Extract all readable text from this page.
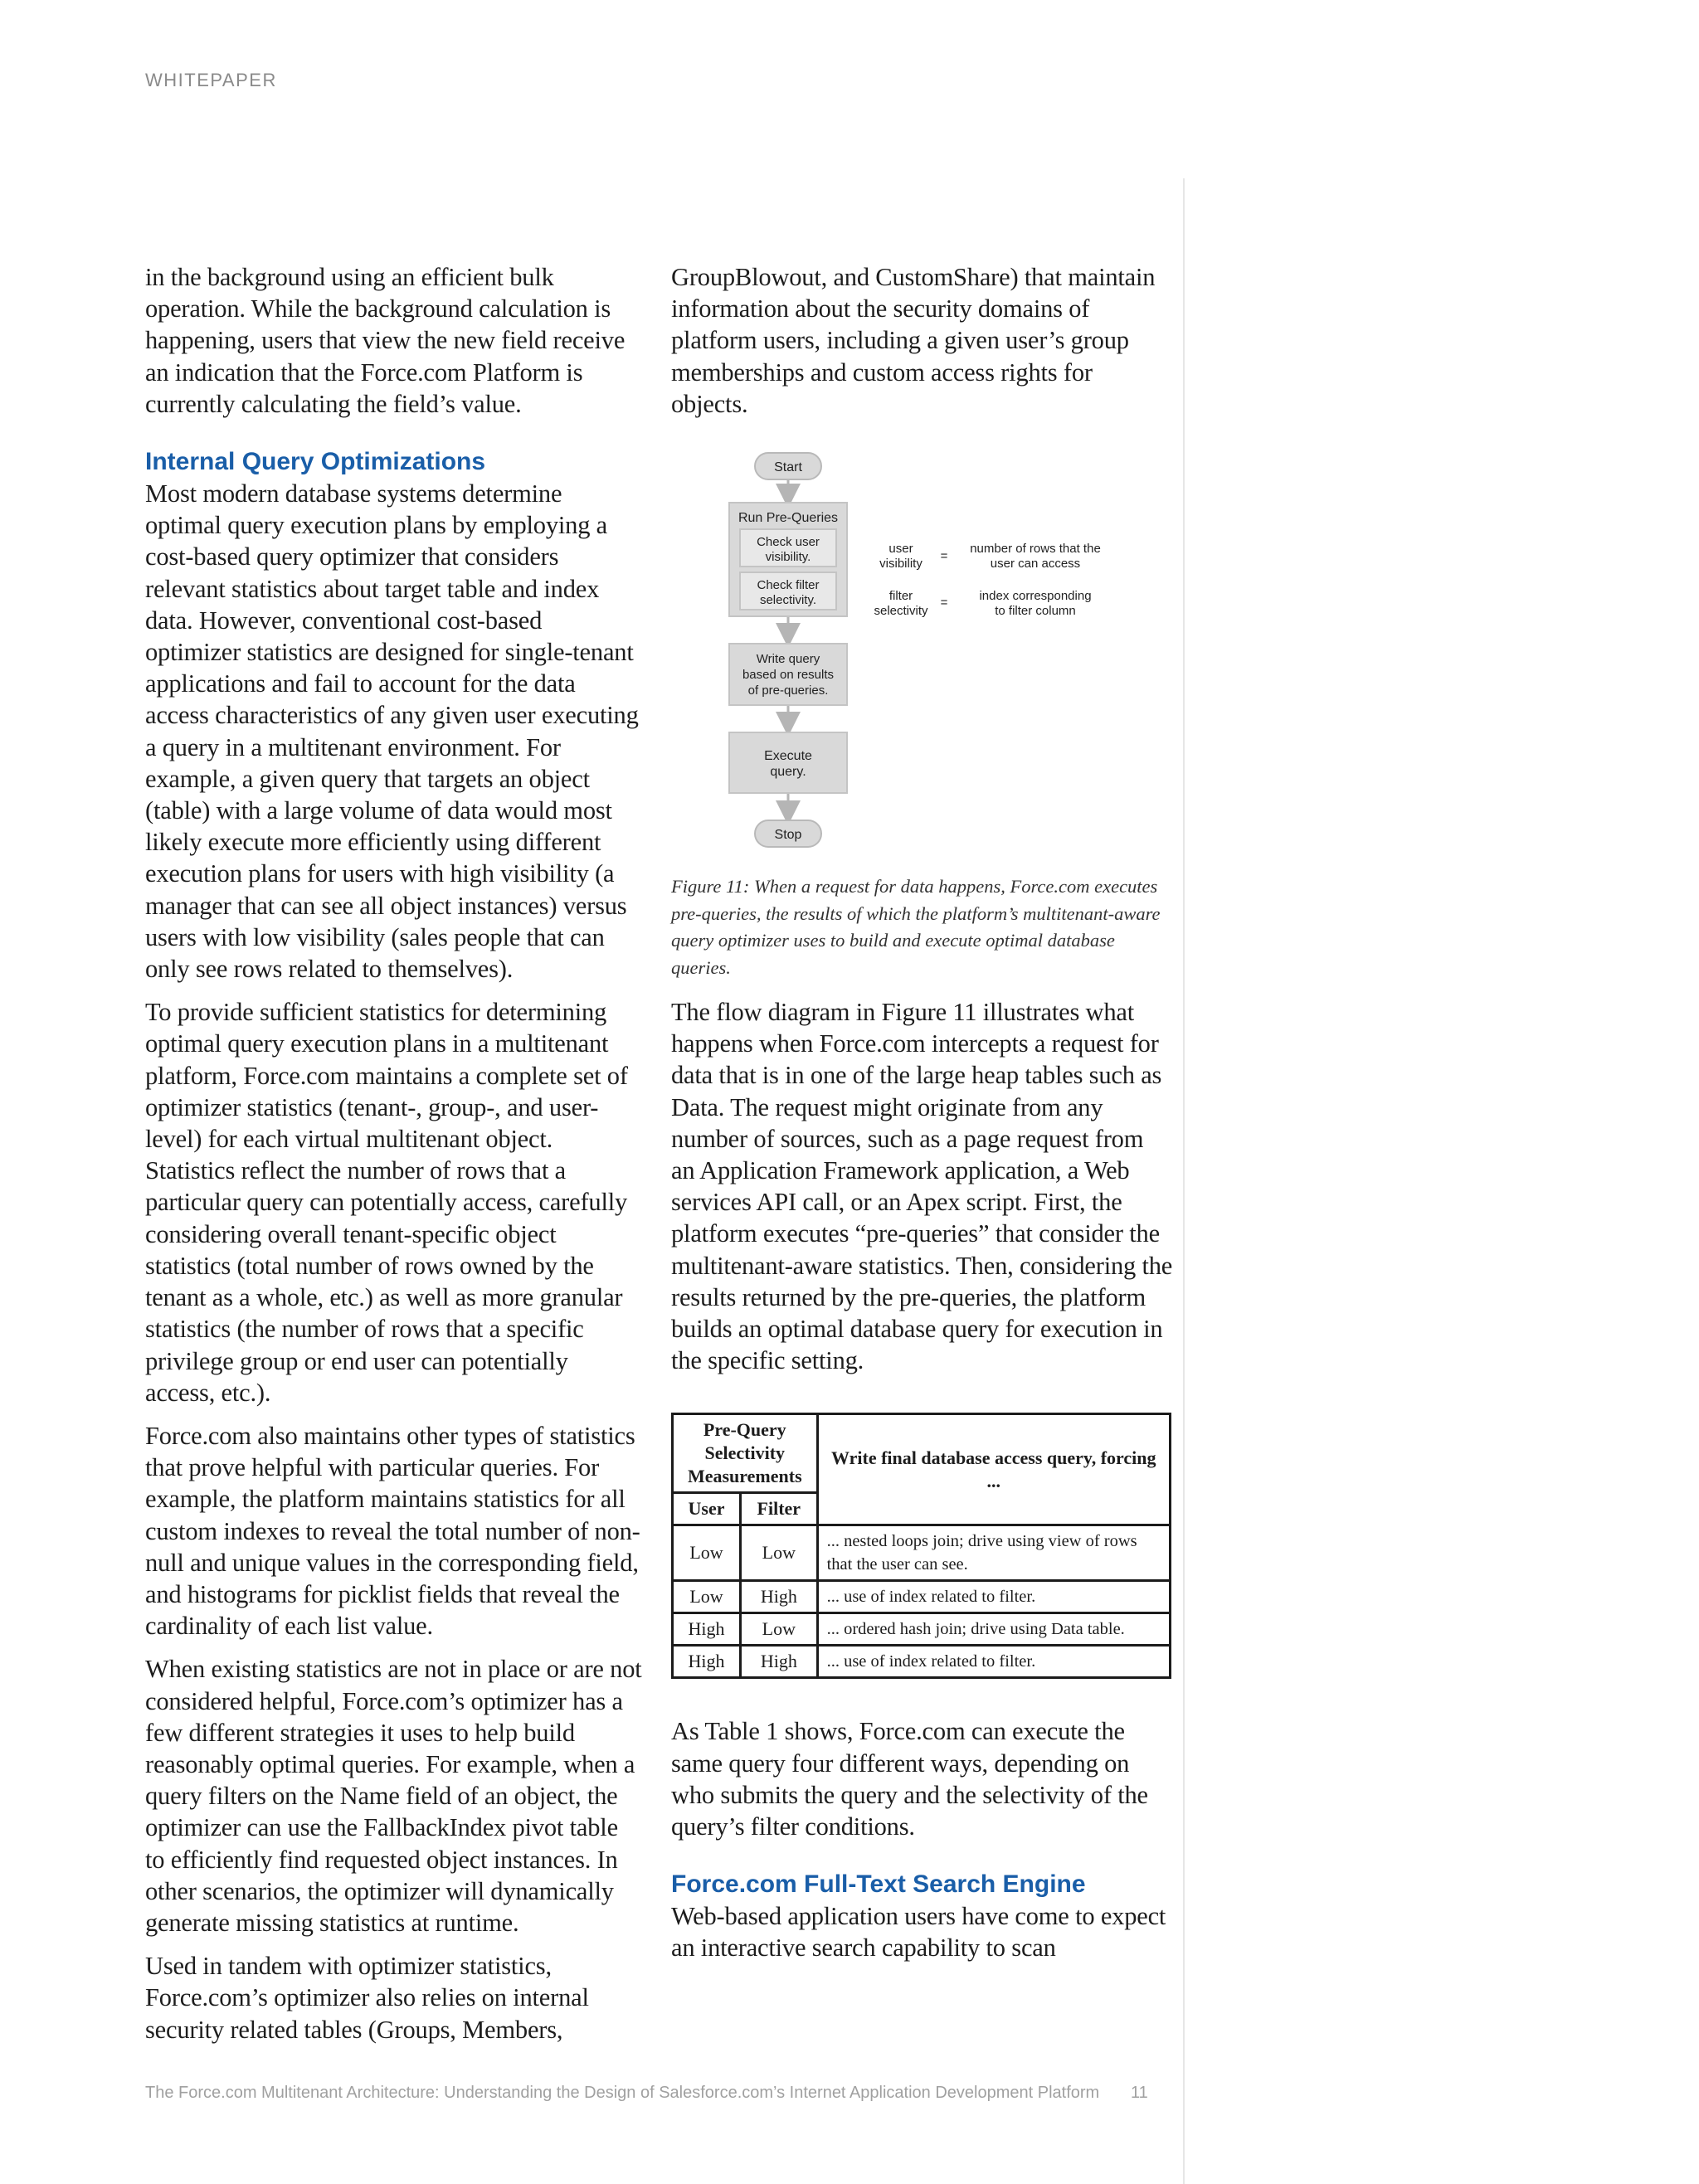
WHITEPAPER

in the background using an efficient bulk operation. While the background calculation is happening, users that view the new field receive an indication that the Force.com Platform is currently calculating the field’s value.

Internal Query Optimizations

Most modern database systems determine optimal query execution plans by employing a cost-based query optimizer that considers relevant statistics about target table and index data. However, conventional cost-based optimizer statistics are designed for single-tenant applications and fail to account for the data access characteristics of any given user executing a query in a multitenant environment. For example, a given query that targets an object (table) with a large volume of data would most likely execute more efficiently using different execution plans for users with high visibility (a manager that can see all object instances) versus users with low visibility (sales people that can only see rows related to themselves).

To provide sufficient statistics for determining optimal query execution plans in a multitenant platform, Force.com maintains a complete set of optimizer statistics (tenant-, group-, and user-level) for each virtual multitenant object. Statistics reflect the number of rows that a particular query can potentially access, carefully considering overall tenant-specific object statistics (total number of rows owned by the tenant as a whole, etc.) as well as more granular statistics (the number of rows that a specific privilege group or end user can potentially access, etc.).

Force.com also maintains other types of statistics that prove helpful with particular queries. For example, the platform maintains statistics for all custom indexes to reveal the total number of non-null and unique values in the corresponding field, and histograms for picklist fields that reveal the cardinality of each list value.

When existing statistics are not in place or are not considered helpful, Force.com’s optimizer has a few different strategies it uses to help build reasonably optimal queries. For example, when a query filters on the Name field of an object, the optimizer can use the FallbackIndex pivot table to efficiently find requested object instances. In other scenarios, the optimizer will dynamically generate missing statistics at runtime.

Used in tandem with optimizer statistics, Force.com’s optimizer also relies on internal security related tables (Groups, Members,

GroupBlowout, and CustomShare) that maintain information about the security domains of platform users, including a given user’s group memberships and custom access rights for objects.

Start
Run Pre-Queries
Check user
visibility.
Check filter
selectivity.
Write query
based on results
of pre-queries.
Execute
query.
Stop
user
visibility
=
number of rows that the
user can access
filter
selectivity
=	index corresponding
to filter column

Figure 11: When a request for data happens, Force.com executes pre-queries, the results of which the platform’s multitenant-aware query optimizer uses to build and execute optimal database queries.

The flow diagram in Figure 11 illustrates what happens when Force.com intercepts a request for data that is in one of the large heap tables such as Data. The request might originate from any number of sources, such as a page request from an Application Framework application, a Web services API call, or an Apex script. First, the platform executes “pre-queries” that consider the multitenant-aware statistics. Then, considering the results returned by the pre-queries, the platform builds an optimal database query for execution in the specific setting.

Pre-Query Selectivity Measurements		Write final database access query, forcing ...
User	Filter	
Low	Low	... nested loops join; drive using view of rows that the user can see.
Low	High	... use of index related to filter.
High	Low	... ordered hash join; drive using Data table.
High	High	... use of index related to filter.

As Table 1 shows, Force.com can execute the same query four different ways, depending on who submits the query and the selectivity of the query’s filter conditions.

Force.com Full-Text Search Engine

Web-based application users have come to expect an interactive search capability to scan

The Force.com Multitenant Architecture: Understanding the Design of Salesforce.com’s Internet Application Development Platform 11
